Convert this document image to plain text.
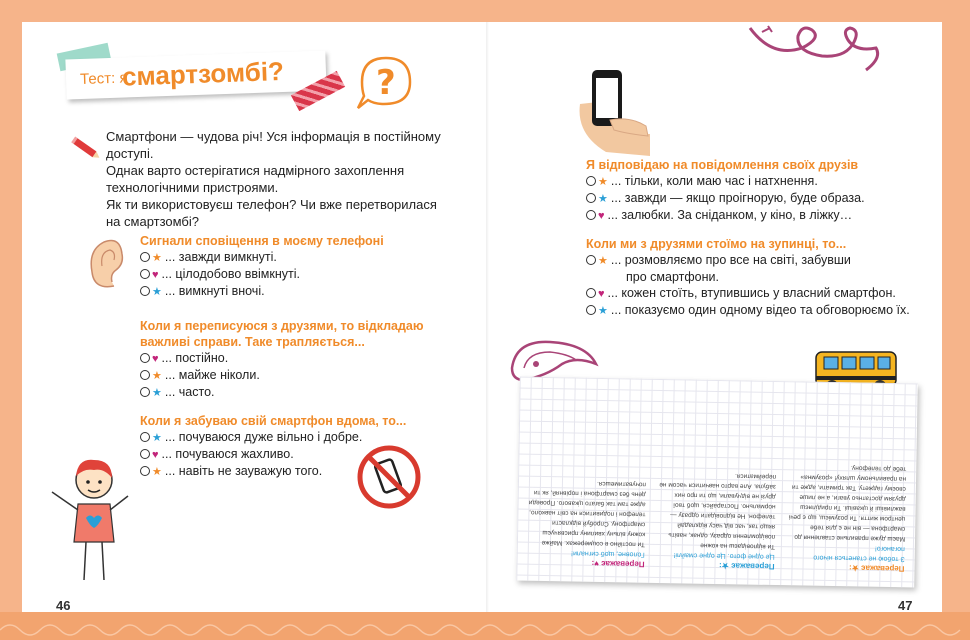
Тест: я
смартзомбі?	?

Смартфони — чудова річ! Уся інформація в постійному доступі.

Однак варто остерігатися надмірного захоплення

технологічними пристроями.

Як ти використовуєш телефон? Чи вже перетворилася

на смартзомбі?

Сигнали сповіщення в моєму телефоні
★ ... завжди вимкнуті.
♥ ... цілодобово ввімкнуті.
★ ... вимкнуті вночі.
Коли я переписуюся з друзями, то відкладаю
важливі справи. Таке трапляється...
♥ ... постійно.
★ ... майже ніколи.
★ ... часто.
Коли я забуваю свій смартфон вдома, то...
★ ... почуваюся дуже вільно і добре.
♥ ... почуваюся жахливо.
★ ... навіть не зауважую того.
Я відповідаю на повідомлення своїх друзів
★ ... тільки, коли маю час і натхнення.
★ ... завжди — якщо проігнорую, буде образа.
♥ ... залюбки. За сніданком, у кіно, в ліжку…
Коли ми з друзями стоїмо на зупинці, то...
★ ... розмовляємо про все на світі, забувши
про смартфони.
♥ ... кожен стоїть, втупившись у власний смартфон.
★ ... показуємо один одному відео та обговорюємо їх.
Переважає ★:
З тобою не станеться нічого поганого!
Маєш дуже правильне ставлення до смартфона — він не є для тебе центром життя. Ти розумієш, що є речі важливіші й цікавіші. Ти приділяєш друзям достатньо уваги, а не лише своєму гаджету. Так тримати, адже ти на правильному шляху! «розумна» тебе до телефону.
Переважає ★:
Це одне фото. Це одне смайлі!
Ти відповідаєш на кожне повідомлення одразу, однак, навіть якщо так, час від часу відкладай телефон. Не відповідати одразу — нормально. Постарайся, щоб твої друзі не відчували, що ти про них забула. Але варто навчитися часом не перейматися.
Переважає ♥:
Головне, щоб сигнали!
Ти постійно в соцмережах. Майже кожну вільну хвилину присвячуєш смартфону. Спробуй відкласти телефон і подивитися на світ навколо, адже там так багато цікавого. Проведи день без смартфона і порівняй, як ти почуватимешся.
46	47
